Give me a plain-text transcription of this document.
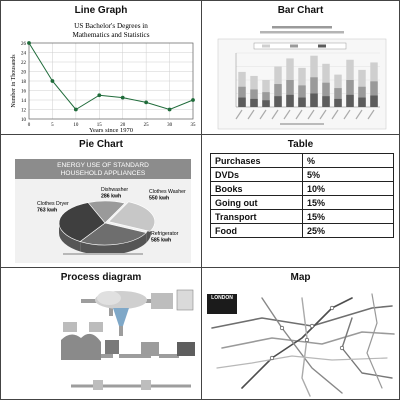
Line Graph
US Bachelor's Degrees in
Mathematics and Statistics
10
12
14
16
18
20
22
24
26
0	5	10	15	20	25	30	35
Years since 1970
Number in Thousands
Bar Chart
Pie Chart
ENERGY USE OF STANDARD
HOUSEHOLD APPLIANCES
Dishwasher
286 kwh
Clothes Washer
550 kwh
Refrigerator
585 kwh
Clothes Dryer
763 kwh
Table
Purchases	%
DVDs	5%
Books	10%
Going out	15%
Transport	15%
Food	25%
Process diagram	Map
LONDON
